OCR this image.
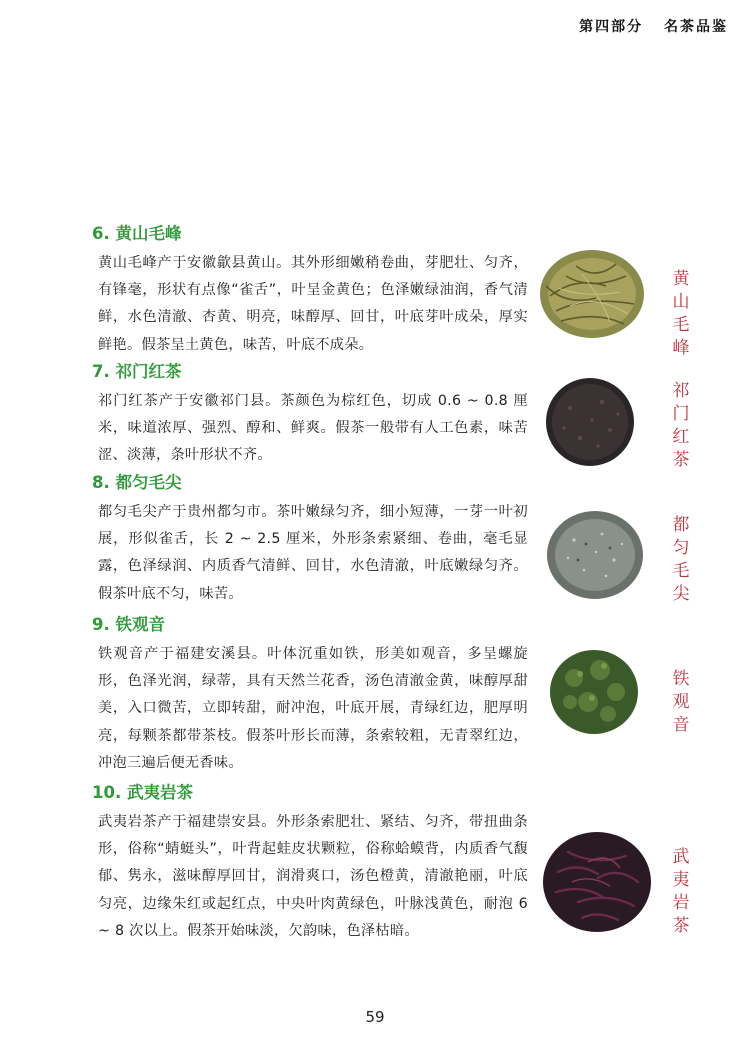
第四部分 名茶品鉴
6. 黄山毛峰

黄山毛峰产于安徽歙县黄山。其外形细嫩稍卷曲，芽肥壮、匀齐，有锋毫，形状有点像“雀舌”，叶呈金黄色；色泽嫩绿油润，香气清鲜，水色清澈、杏黄、明亮，味醇厚、回甘，叶底芽叶成朵，厚实鲜艳。假茶呈土黄色，味苦，叶底不成朵。

黄山毛峰
7. 祁门红茶

祁门红茶产于安徽祁门县。茶颜色为棕红色，切成 0.6 ~ 0.8 厘米，味道浓厚、强烈、醇和、鲜爽。假茶一般带有人工色素，味苦涩、淡薄，条叶形状不齐。

祁门红茶
8. 都匀毛尖

都匀毛尖产于贵州都匀市。茶叶嫩绿匀齐，细小短薄，一芽一叶初展，形似雀舌，长 2 ~ 2.5 厘米，外形条索紧细、卷曲，毫毛显露，色泽绿润、内质香气清鲜、回甘，水色清澈，叶底嫩绿匀齐。假茶叶底不匀，味苦。

都匀毛尖
9. 铁观音

铁观音产于福建安溪县。叶体沉重如铁，形美如观音，多呈螺旋形，色泽光润，绿蒂，具有天然兰花香，汤色清澈金黄，味醇厚甜美，入口微苦，立即转甜，耐冲泡，叶底开展，青绿红边，肥厚明亮，每颗茶都带茶枝。假茶叶形长而薄，条索较粗，无青翠红边，冲泡三遍后便无香味。

铁观音
10. 武夷岩茶

武夷岩茶产于福建崇安县。外形条索肥壮、紧结、匀齐，带扭曲条形，俗称“蜻蜓头”，叶背起蛙皮状颗粒，俗称蛤蟆背，内质香气馥郁、隽永，滋味醇厚回甘，润滑爽口，汤色橙黄，清澈艳丽，叶底匀亮，边缘朱红或起红点，中央叶肉黄绿色，叶脉浅黄色，耐泡 6 ~ 8 次以上。假茶开始味淡，欠韵味，色泽枯暗。

武夷岩茶
59
